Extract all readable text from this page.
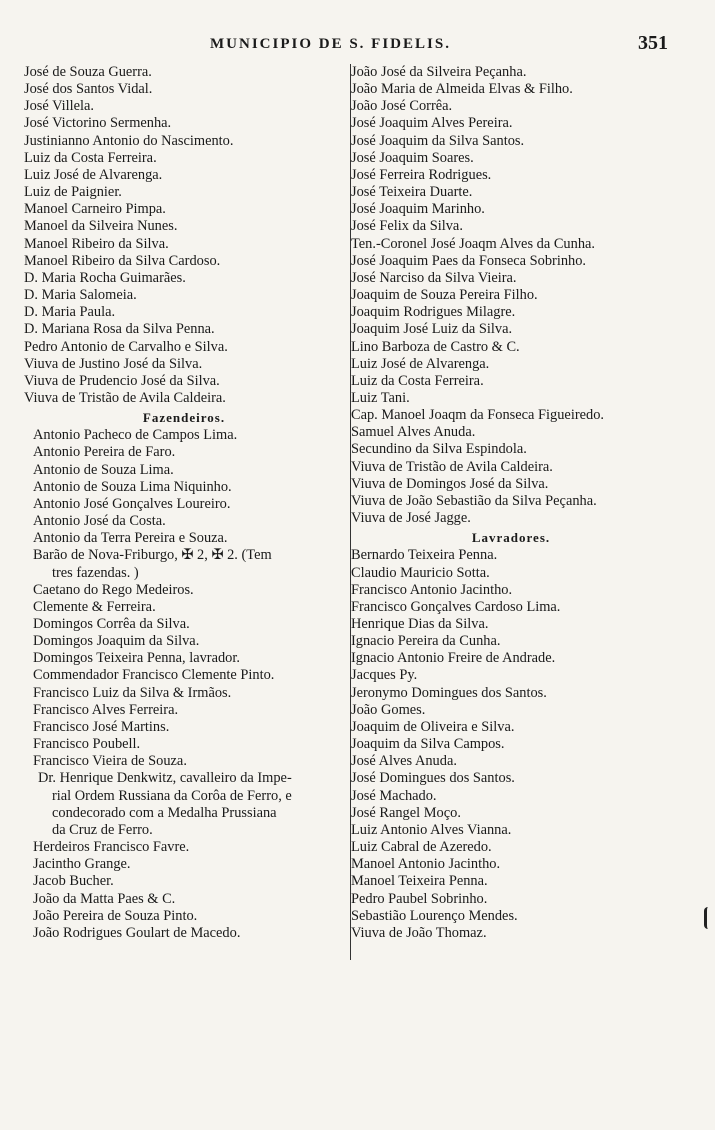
MUNICIPIO DE S. FIDELIS.	351
José de Souza Guerra.
José dos Santos Vidal.
José Villela.
José Victorino Sermenha.
Justinianno Antonio do Nascimento.
Luiz da Costa Ferreira.
Luiz José de Alvarenga.
Luiz de Paignier.
Manoel Carneiro Pimpa.
Manoel da Silveira Nunes.
Manoel Ribeiro da Silva.
Manoel Ribeiro da Silva Cardoso.
D. Maria Rocha Guimarães.
D. Maria Salomeia.
D. Maria Paula.
D. Mariana Rosa da Silva Penna.
Pedro Antonio de Carvalho e Silva.
Viuva de Justino José da Silva.
Viuva de Prudencio José da Silva.
Viuva de Tristão de Avila Caldeira.
Fazendeiros.
Antonio Pacheco de Campos Lima.
Antonio Pereira de Faro.
Antonio de Souza Lima.
Antonio de Souza Lima Niquinho.
Antonio José Gonçalves Loureiro.
Antonio José da Costa.
Antonio da Terra Pereira e Souza.
Barão de Nova-Friburgo, ✠ 2, ✠ 2. (Tem
tres fazendas. )
Caetano do Rego Medeiros.
Clemente & Ferreira.
Domingos Corrêa da Silva.
Domingos Joaquim da Silva.
Domingos Teixeira Penna, lavrador.
Commendador Francisco Clemente Pinto.
Francisco Luiz da Silva & Irmãos.
Francisco Alves Ferreira.
Francisco José Martins.
Francisco Poubell.
Francisco Vieira de Souza.
Dr. Henrique Denkwitz, cavalleiro da Impe-
rial Ordem Russiana da Corôa de Ferro, e
condecorado com a Medalha Prussiana
da Cruz de Ferro.
Herdeiros Francisco Favre.
Jacintho Grange.
Jacob Bucher.
João da Matta Paes & C.
João Pereira de Souza Pinto.
João Rodrigues Goulart de Macedo.
João José da Silveira Peçanha.
João Maria de Almeida Elvas & Filho.
João José Corrêa.
José Joaquim Alves Pereira.
José Joaquim da Silva Santos.
José Joaquim Soares.
José Ferreira Rodrigues.
José Teixeira Duarte.
José Joaquim Marinho.
José Felix da Silva.
Ten.-Coronel José Joaqm Alves da Cunha.
José Joaquim Paes da Fonseca Sobrinho.
José Narciso da Silva Vieira.
Joaquim de Souza Pereira Filho.
Joaquim Rodrigues Milagre.
Joaquim José Luiz da Silva.
Lino Barboza de Castro & C.
Luiz José de Alvarenga.
Luiz da Costa Ferreira.
Luiz Tani.
Cap. Manoel Joaqm da Fonseca Figueiredo.
Samuel Alves Anuda.
Secundino da Silva Espindola.
Viuva de Tristão de Avila Caldeira.
Viuva de Domingos José da Silva.
Viuva de João Sebastião da Silva Peçanha.
Viuva de José Jagge.
Lavradores.
Bernardo Teixeira Penna.
Claudio Mauricio Sotta.
Francisco Antonio Jacintho.
Francisco Gonçalves Cardoso Lima.
Henrique Dias da Silva.
Ignacio Pereira da Cunha.
Ignacio Antonio Freire de Andrade.
Jacques Py.
Jeronymo Domingues dos Santos.
João Gomes.
Joaquim de Oliveira e Silva.
Joaquim da Silva Campos.
José Alves Anuda.
José Domingues dos Santos.
José Machado.
José Rangel Moço.
Luiz Antonio Alves Vianna.
Luiz Cabral de Azeredo.
Manoel Antonio Jacintho.
Manoel Teixeira Penna.
Pedro Paubel Sobrinho.
Sebastião Lourenço Mendes.
Viuva de João Thomaz.
